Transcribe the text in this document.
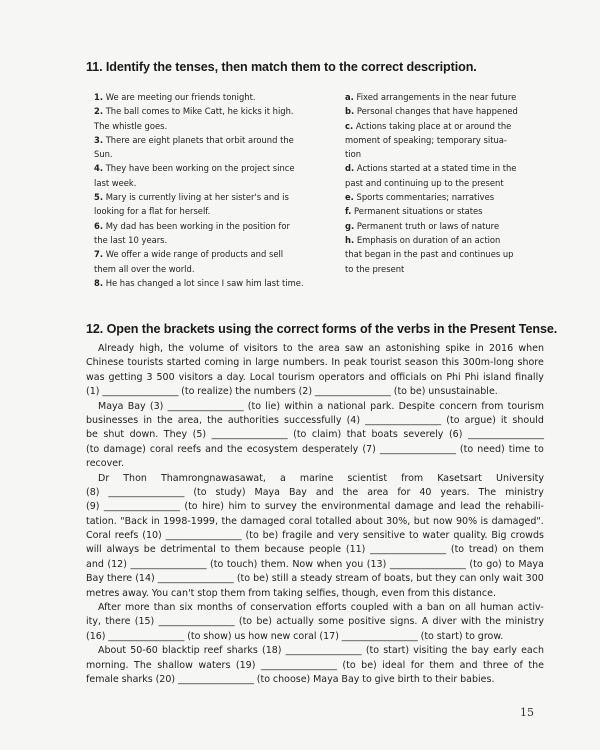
11. Identify the tenses, then match them to the correct description.
1. We are meeting our friends tonight.
2. The ball comes to Mike Catt, he kicks it high.
The whistle goes.
3. There are eight planets that orbit around the
Sun.
4. They have been working on the project since
last week.
5. Mary is currently living at her sister's and is
looking for a flat for herself.
6. My dad has been working in the position for
the last 10 years.
7. We offer a wide range of products and sell
them all over the world.
8. He has changed a lot since I saw him last time.
a. Fixed arrangements in the near future
b. Personal changes that have happened
c. Actions taking place at or around the
moment of speaking; temporary situa-
tion
d. Actions started at a stated time in the
past and continuing up to the present
e. Sports commentaries; narratives
f. Permanent situations or states
g. Permanent truth or laws of nature
h. Emphasis on duration of an action
that began in the past and continues up
to the present
12. Open the brackets using the correct forms of the verbs in the Present Tense.
Already high, the volume of visitors to the area saw an astonishing spike in 2016 when
Chinese tourists started coming in large numbers. In peak tourist season this 300m-long shore
was getting 3 500 visitors a day. Local tourism operators and officials on Phi Phi island finally
(1) ________________ (to realize) the numbers (2) ________________ (to be) unsustainable.
Maya Bay (3) ________________ (to lie) within a national park. Despite concern from tourism
businesses in the area, the authorities successfully (4) ________________ (to argue) it should
be shut down. They (5) ________________ (to claim) that boats severely (6) ________________
(to damage) coral reefs and the ecosystem desperately (7) ________________ (to need) time to
recover.
Dr Thon Thamrongnawasawat, a marine scientist from Kasetsart University
(8) ________________ (to study) Maya Bay and the area for 40 years. The ministry
(9) ________________ (to hire) him to survey the environmental damage and lead the rehabili-
tation. "Back in 1998-1999, the damaged coral totalled about 30%, but now 90% is damaged".
Coral reefs (10) ________________ (to be) fragile and very sensitive to water quality. Big crowds
will always be detrimental to them because people (11) ________________ (to tread) on them
and (12) ________________ (to touch) them. Now when you (13) ________________ (to go) to Maya
Bay there (14) ________________ (to be) still a steady stream of boats, but they can only wait 300
metres away. You can't stop them from taking selfies, though, even from this distance.
After more than six months of conservation efforts coupled with a ban on all human activ-
ity, there (15) ________________ (to be) actually some positive signs. A diver with the ministry
(16) ________________ (to show) us how new coral (17) ________________ (to start) to grow.
About 50-60 blacktip reef sharks (18) ________________ (to start) visiting the bay early each
morning. The shallow waters (19) ________________ (to be) ideal for them and three of the
female sharks (20) ________________ (to choose) Maya Bay to give birth to their babies.
15
